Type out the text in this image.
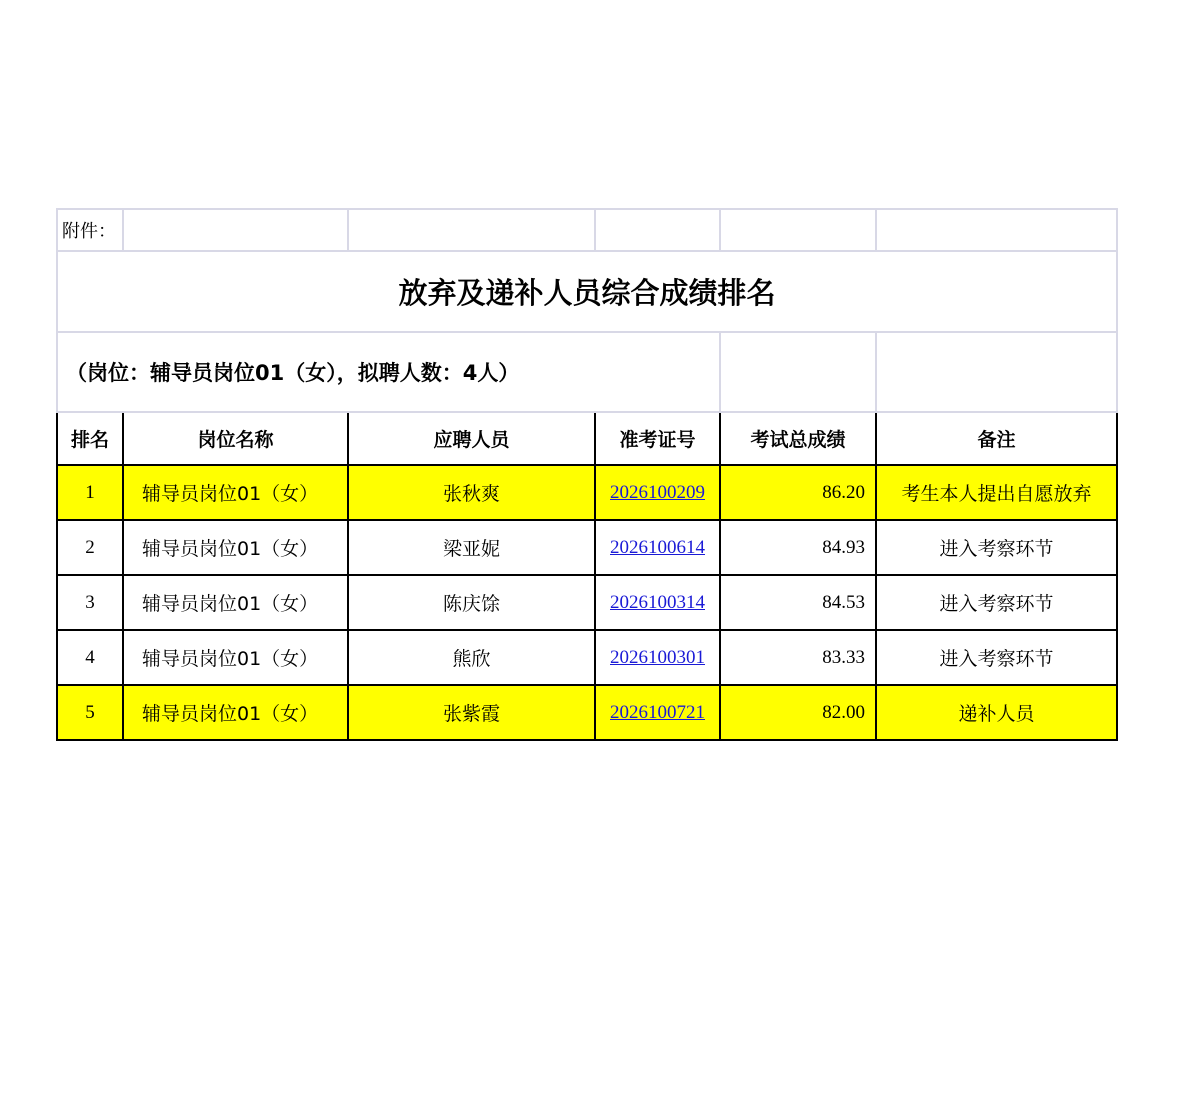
附件：					
放弃及递补人员综合成绩排名					
（岗位：辅导员岗位01（女），拟聘人数：4人）					
排名	岗位名称	应聘人员	准考证号	考试总成绩	备注
1	辅导员岗位01（女）	张秋爽	2026100209	86.20	考生本人提出自愿放弃
2	辅导员岗位01（女）	梁亚妮	2026100614	84.93	进入考察环节
3	辅导员岗位01（女）	陈庆馀	2026100314	84.53	进入考察环节
4	辅导员岗位01（女）	熊欣	2026100301	83.33	进入考察环节
5	辅导员岗位01（女）	张紫霞	2026100721	82.00	递补人员
